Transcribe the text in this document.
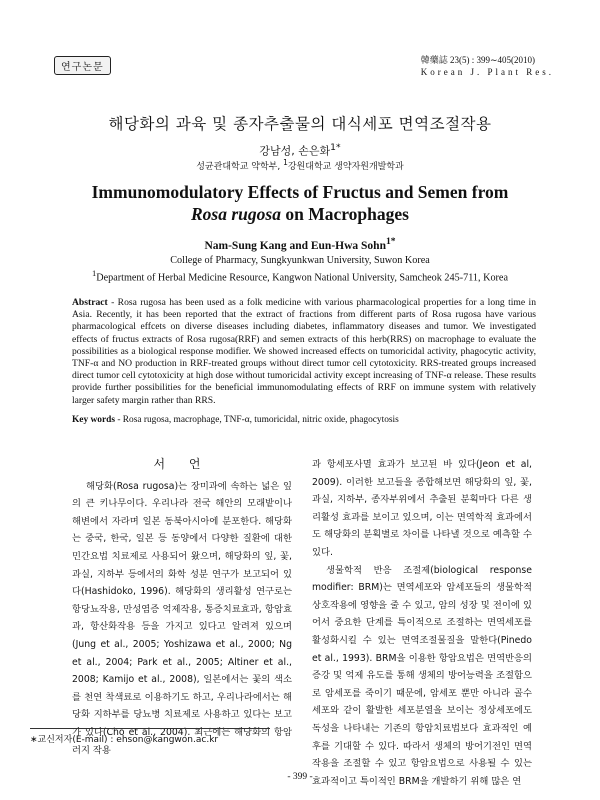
연구논문
韓藥誌 23(5) : 399∼405(2010)
Korean J. Plant Res.
해당화의 과육 및 종자추출물의 대식세포 면역조절작용
강남성, 손은화$^{1*}$
성균관대학교 약학부, $^1$강원대학교 생약자원개발학과
Immunomodulatory Effects of Fructus and Semen from
Rosa rugosa on Macrophages
Nam-Sung Kang and Eun-Hwa Sohn$^{1*}$
College of Pharmacy, Sungkyunkwan University, Suwon Korea
$^1$Department of Herbal Medicine Resource, Kangwon National University, Samcheok 245-711, Korea
Abstract - Rosa rugosa has been used as a folk medicine with various pharmacological properties for a long time in Asia. Recently, it has been reported that the extract of fractions from different parts of Rosa rugosa have various pharmacological effcets on diverse diseases including diabetes, inflammatory diseases and tumor. We investigated effects of fructus extracts of Rosa rugosa(RRF) and semen extracts of this herb(RRS) on macrophage to evaluate the possibilities as a biological response modifier. We showed increased effects on tumoricidal activity, phagocytic activity, TNF-α and NO production in RRF-treated groups without direct tumor cell cytotoxicity. RRS-treated groups increased direct tumor cell cytotoxicity at high dose without tumoricidal activity except increasing of TNF-α release. These results provide further possibilities for the beneficial immunomodulating effects of RRF on immune system with relatively larger safety margin rather than RRS.
Key words - Rosa rugosa, macrophage, TNF-α, tumoricidal, nitric oxide, phagocytosis
서 언

해당화(Rosa rugosa)는 장미과에 속하는 넓은 잎의 큰 키나무이다. 우리나라 전국 해안의 모래밭이나 해변에서 자라며 일본 동북아시아에 분포한다. 해당화는 중국, 한국, 일본 등 동양에서 다양한 질환에 대한 민간요법 치료제로 사용되어 왔으며, 해당화의 잎, 꽃, 과실, 지하부 등에서의 화학 성분 연구가 보고되어 있다(Hashidoko, 1996). 해당화의 생리활성 연구로는 항당뇨작용, 만성염증 억제작용, 통증치료효과, 항암효과, 항산화작용 등을 가지고 있다고 알려져 있으며(Jung et al., 2005; Yoshizawa et al., 2000; Ng et al., 2004; Park et al., 2005; Altiner et al., 2008; Kamijo et al., 2008), 일본에서는 꽃의 색소를 천연 착색료로 이용하기도 하고, 우리나라에서는 해당화 지하부를 당뇨병 치료제로 사용하고 있다는 보고가 있다(Cho et al., 2004). 최근에는 해당화의 항암러지 작용

과 항세포사멸 효과가 보고된 바 있다(Jeon et al, 2009). 이러한 보고들을 종합해보면 해당화의 잎, 꽃, 과실, 지하부, 종자부위에서 추출된 분획마다 다른 생리활성 효과를 보이고 있으며, 이는 면역학적 효과에서도 해당화의 분획별로 차이를 나타낼 것으로 예측할 수 있다.

생물학적 반응 조절제(biological response modifier: BRM)는 면역세포와 암세포들의 생물학적 상호작용에 영향을 줄 수 있고, 암의 성장 및 전이에 있어서 중요한 단계를 특이적으로 조절하는 면역세포를 활성화시킬 수 있는 면역조절물질을 말한다(Pinedo et al., 1993). BRM을 이용한 항암요법은 면역반응의 증강 및 억제 유도를 통해 생체의 방어능력을 조절함으로 암세포를 죽이기 때문에, 암세포 뿐만 아니라 골수세포와 같이 활발한 세포분열을 보이는 정상세포에도 독성을 나타내는 기존의 항암치료법보다 효과적인 예후를 기대할 수 있다. 따라서 생체의 방어기전인 면역작용을 조절할 수 있고 항암요법으로 사용될 수 있는 효과적이고 특이적인 BRM을 개발하기 위해 많은 연

∗교신저자(E-mail) : ehson@kangwon.ac.kr
- 399 -
